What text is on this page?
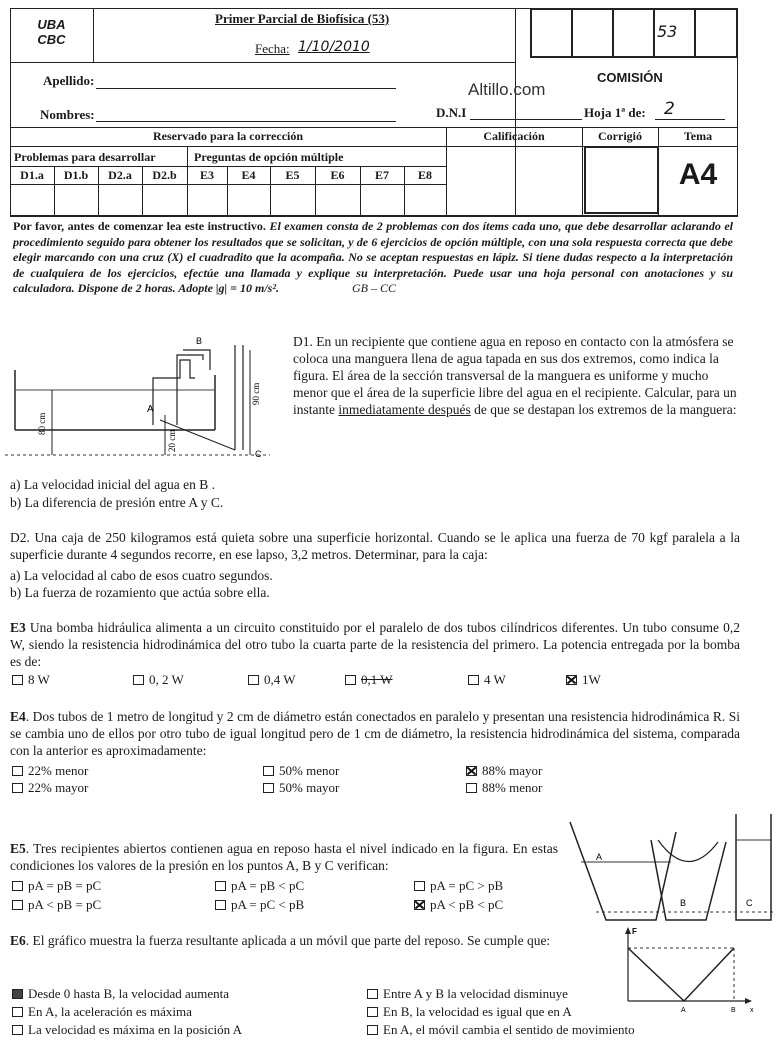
UBA
CBC
Primer Parcial de Biofísica (53)
Fecha: 1/10/2010
53
Apellido:	Altillo.com
COMISIÓN
Nombres:	D.N.I	Hoja 1ª de: 2
Reservado para la corrección	Calificación	Corrigió	Tema
A4
Problemas para desarrollar	Preguntas de opción múltiple
D1.a	D1.b	D2.a	D2.b	E3	E4	E5	E6	E7	E8
Por favor, antes de comenzar lea este instructivo. El examen consta de 2 problemas con dos ítems cada uno, que debe desarrollar aclarando el procedimiento seguido para obtener los resultados que se solicitan, y de 6 ejercicios de opción múltiple, con una sola respuesta correcta que debe elegir marcando con una cruz (X) el cuadradito que la acompaña. No se aceptan respuestas en lápiz. Si tiene dudas respecto a la interpretación de cualquiera de los ejercicios, efectúe una llamada y explique su interpretación. Puede usar una hoja personal con anotaciones y su calculadora. Dispone de 2 horas. Adopte |g| = 10 m/s².	GB – CC
B
A
C
80 cm
90 cm
20 cm
D1. En un recipiente que contiene agua en reposo en contacto con la atmósfera se coloca una manguera llena de agua tapada en sus dos extremos, como indica la figura. El área de la sección transversal de la manguera es uniforme y mucho menor que el área de la superficie libre del agua en el recipiente. Calcular, para un instante inmediatamente después de que se destapan los extremos de la manguera:
a) La velocidad inicial del agua en B .
b) La diferencia de presión entre A y C.
D2. Una caja de 250 kilogramos está quieta sobre una superficie horizontal. Cuando se le aplica una fuerza de 70 kgf paralela a la superficie durante 4 segundos recorre, en ese lapso, 3,2 metros. Determinar, para la caja:
a) La velocidad al cabo de esos cuatro segundos.
b) La fuerza de rozamiento que actúa sobre ella.
E3 Una bomba hidráulica alimenta a un circuito constituido por el paralelo de dos tubos cilíndricos diferentes. Un tubo consume 0,2 W, siendo la resistencia hidrodinámica del otro tubo la cuarta parte de la resistencia del primero. La potencia entregada por la bomba es de:
8 W	0, 2 W	0,4 W	0,1 W	4 W	1W
E4. Dos tubos de 1 metro de longitud y 2 cm de diámetro están conectados en paralelo y presentan una resistencia hidrodinámica R. Si se cambia uno de ellos por otro tubo de igual longitud pero de 1 cm de diámetro, la resistencia hidrodinámica del sistema, comparada con la anterior es aproximadamente:
22% menor	50% menor	88% mayor
22% mayor	50% mayor	88% menor
E5. Tres recipientes abiertos contienen agua en reposo hasta el nivel indicado en la figura. En estas condiciones los valores de la presión en los puntos A, B y C verifican:
pA = pB = pC	pA = pB < pC	pA = pC > pB
pA < pB = pC	pA = pC < pB	pA < pB < pC
A
B	C
E6. El gráfico muestra la fuerza resultante aplicada a un móvil que parte del reposo. Se cumple que:
Desde 0 hasta B, la velocidad aumenta	Entre A y B la velocidad disminuye
En A, la aceleración es máxima	En B, la velocidad es igual que en A
La velocidad es máxima en la posición A	En A, el móvil cambia el sentido de movimiento
F
A	B x
